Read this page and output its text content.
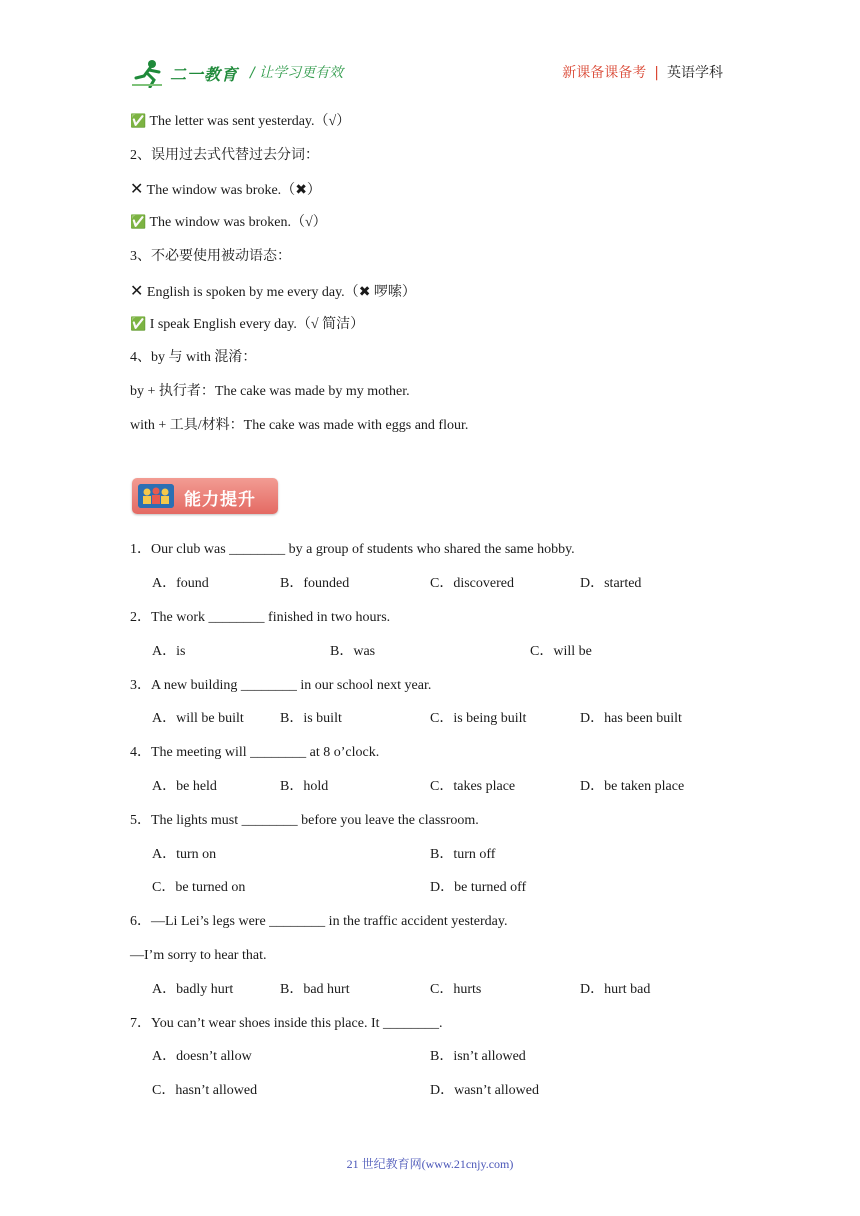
二一教育 / 让学习更有效	新课备课备考 | 英语学科
✅ The letter was sent yesterday.（√）
2、误用过去式代替过去分词：
✕ The window was broke.（✖）
✅ The window was broken.（√）
3、不必要使用被动语态：
✕ English is spoken by me every day.（✖ 啰嗦）
✅ I speak English every day.（√ 简洁）
4、by 与 with 混淆：
by + 执行者：The cake was made by my mother.
with + 工具/材料：The cake was made with eggs and flour.
能力提升
1．Our club was ________ by a group of students who shared the same hobby.
A．found	B．founded	C．discovered	D．started
2．The work ________ finished in two hours.
A．is	B．was	C．will be
3．A new building ________ in our school next year.
A．will be built	B．is built	C．is being built	D．has been built
4．The meeting will ________ at 8 o’clock.
A．be held	B．hold	C．takes place	D．be taken place
5．The lights must ________ before you leave the classroom.
A．turn on	B．turn off
C．be turned on	D．be turned off
6．—Li Lei’s legs were ________ in the traffic accident yesterday.
—I’m sorry to hear that.
A．badly hurt	B．bad hurt	C．hurts	D．hurt bad
7．You can’t wear shoes inside this place. It ________.
A．doesn’t allow	B．isn’t allowed
C．hasn’t allowed	D．wasn’t allowed
21 世纪教育网(www.21cnjy.com)
